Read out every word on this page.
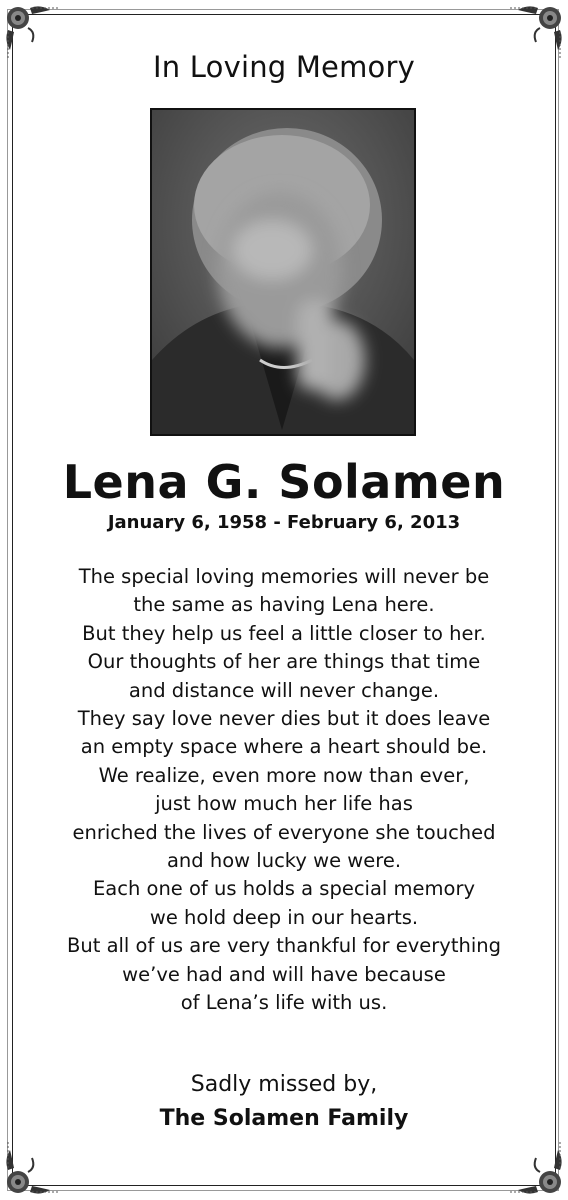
In Loving Memory
Lena G. Solamen
January 6, 1958 - February 6, 2013
The special loving memories will never be
the same as having Lena here.
But they help us feel a little closer to her.
Our thoughts of her are things that time
and distance will never change.
They say love never dies but it does leave
an empty space where a heart should be.
We realize, even more now than ever,
just how much her life has
enriched the lives of everyone she touched
and how lucky we were.
Each one of us holds a special memory
we hold deep in our hearts.
But all of us are very thankful for everything
we’ve had and will have because
of Lena’s life with us.
Sadly missed by,
The Solamen Family
